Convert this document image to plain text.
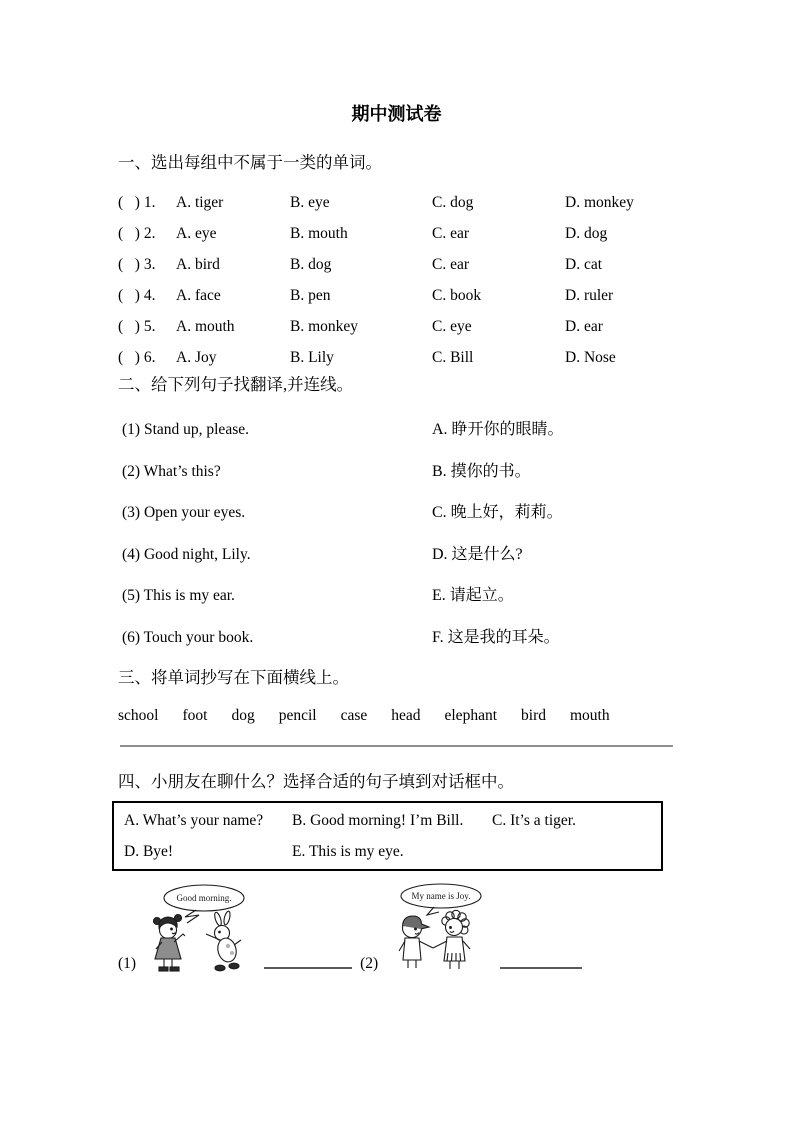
期中测试卷
一、选出每组中不属于一类的单词。
(   ) 1.	A. tiger	B. eye	C. dog	D. monkey
(   ) 2.	A. eye	B. mouth	C. ear	D. dog
(   ) 3.	A. bird	B. dog	C. ear	D. cat
(   ) 4.	A. face	B. pen	C. book	D. ruler
(   ) 5.	A. mouth	B. monkey	C. eye	D. ear
(   ) 6.	A. Joy	B. Lily	C. Bill	D. Nose
二、给下列句子找翻译,并连线。
(1) Stand up, please.	A. 睁开你的眼睛。
(2) What’s this?	B. 摸你的书。
(3) Open your eyes.	C. 晚上好，莉莉。
(4) Good night, Lily.	D. 这是什么?
(5) This is my ear.	E. 请起立。
(6) Touch your book.	F. 这是我的耳朵。
三、将单词抄写在下面横线上。
school foot dog pencil case head elephant bird mouth
四、小朋友在聊什么？选择合适的句子填到对话框中。
A. What’s your name?	B. Good morning! I’m Bill.	C. It’s a tiger.
D. Bye!	E. This is my eye.
(1)
Good morning.
(2)
My name is Joy.
